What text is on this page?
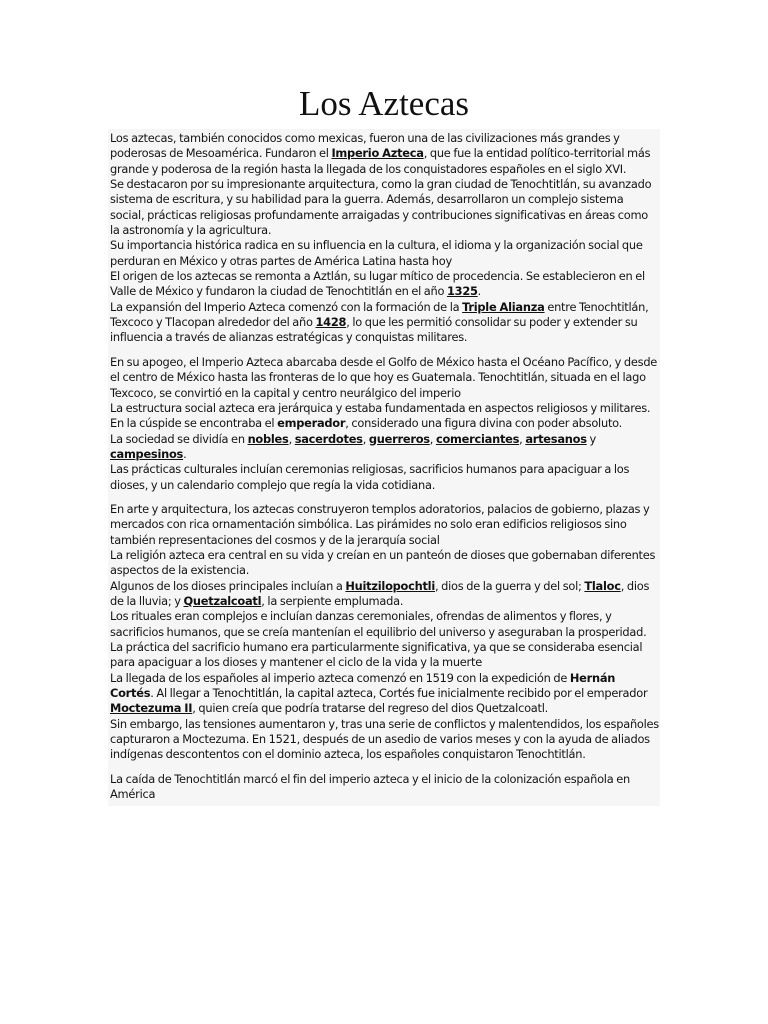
Los Aztecas

Los aztecas, también conocidos como mexicas, fueron una de las civilizaciones más grandes y poderosas de Mesoamérica. Fundaron el Imperio Azteca, que fue la entidad político-territorial más grande y poderosa de la región hasta la llegada de los conquistadores españoles en el siglo XVI.

Se destacaron por su impresionante arquitectura, como la gran ciudad de Tenochtitlán, su avanzado sistema de escritura, y su habilidad para la guerra. Además, desarrollaron un complejo sistema social, prácticas religiosas profundamente arraigadas y contribuciones significativas en áreas como la astronomía y la agricultura.

Su importancia histórica radica en su influencia en la cultura, el idioma y la organización social que perduran en México y otras partes de América Latina hasta hoy

El origen de los aztecas se remonta a Aztlán, su lugar mítico de procedencia. Se establecieron en el Valle de México y fundaron la ciudad de Tenochtitlán en el año 1325.

La expansión del Imperio Azteca comenzó con la formación de la Triple Alianza entre Tenochtitlán, Texcoco y Tlacopan alrededor del año 1428, lo que les permitió consolidar su poder y extender su influencia a través de alianzas estratégicas y conquistas militares.

En su apogeo, el Imperio Azteca abarcaba desde el Golfo de México hasta el Océano Pacífico, y desde el centro de México hasta las fronteras de lo que hoy es Guatemala. Tenochtitlán, situada en el lago Texcoco, se convirtió en la capital y centro neurálgico del imperio

La estructura social azteca era jerárquica y estaba fundamentada en aspectos religiosos y militares. En la cúspide se encontraba el emperador, considerado una figura divina con poder absoluto.

La sociedad se dividía en nobles, sacerdotes, guerreros, comerciantes, artesanos y campesinos.

Las prácticas culturales incluían ceremonias religiosas, sacrificios humanos para apaciguar a los dioses, y un calendario complejo que regía la vida cotidiana.

En arte y arquitectura, los aztecas construyeron templos adoratorios, palacios de gobierno, plazas y mercados con rica ornamentación simbólica. Las pirámides no solo eran edificios religiosos sino también representaciones del cosmos y de la jerarquía social

La religión azteca era central en su vida y creían en un panteón de dioses que gobernaban diferentes aspectos de la existencia.

Algunos de los dioses principales incluían a Huitzilopochtli, dios de la guerra y del sol; Tlaloc, dios de la lluvia; y Quetzalcoatl, la serpiente emplumada.

Los rituales eran complejos e incluían danzas ceremoniales, ofrendas de alimentos y flores, y sacrificios humanos, que se creía mantenían el equilibrio del universo y aseguraban la prosperidad.

La práctica del sacrificio humano era particularmente significativa, ya que se consideraba esencial para apaciguar a los dioses y mantener el ciclo de la vida y la muerte

La llegada de los españoles al imperio azteca comenzó en 1519 con la expedición de Hernán Cortés. Al llegar a Tenochtitlán, la capital azteca, Cortés fue inicialmente recibido por el emperador Moctezuma II, quien creía que podría tratarse del regreso del dios Quetzalcoatl.

Sin embargo, las tensiones aumentaron y, tras una serie de conflictos y malentendidos, los españoles capturaron a Moctezuma. En 1521, después de un asedio de varios meses y con la ayuda de aliados indígenas descontentos con el dominio azteca, los españoles conquistaron Tenochtitlán.

La caída de Tenochtitlán marcó el fin del imperio azteca y el inicio de la colonización española en América
